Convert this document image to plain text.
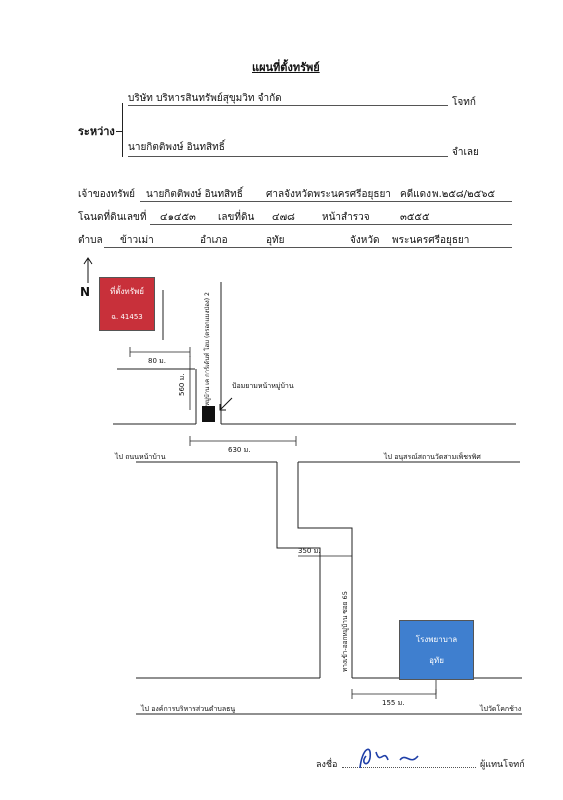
แผนที่ตั้งทรัพย์
ระหว่าง
บริษัท บริหารสินทรัพย์สุขุมวิท จำกัด	โจทก์
นายกิตติพงษ์ อินทสิทธิ์	จำเลย
เจ้าของทรัพย์ นายกิตติพงษ์ อินทสิทธิ์ ศาลจังหวัดพระนครศรีอยุธยา คดีแดง พ.๒๕๘/๒๕๖๕
โฉนดที่ดินเลขที่ ๔๑๔๕๓ เลขที่ดิน ๔๗๘	หน้าสำรวจ	๓๕๕๕
ตำบล ข้าวเม่า	อำเภอ	อุทัย	จังหวัด พระนครศรีอยุธยา
N	ที่ตั้งทรัพย์
ฉ. 41453
80 ม.
560 ม.	หมู่บ้าน เค การ์เด้นท์ โฮม (ตรอกแมงป่อง) 2	ป้อมยามหน้าหมู่บ้าน
630 ม.
ไป ถนนหน้าบ้าน	ไป อนุสรณ์สถานวัดสามเพ็ชรพิศ
350 ม.
ทางเข้า-ออกหมู่บ้าน ซอย 65	โรงพยาบาล
อุทัย
155 ม.
ไป องค์การบริหารส่วนตำบลธนู	ไปวัดโคกช้าง
ลงชื่อ	ผู้แทนโจทก์
